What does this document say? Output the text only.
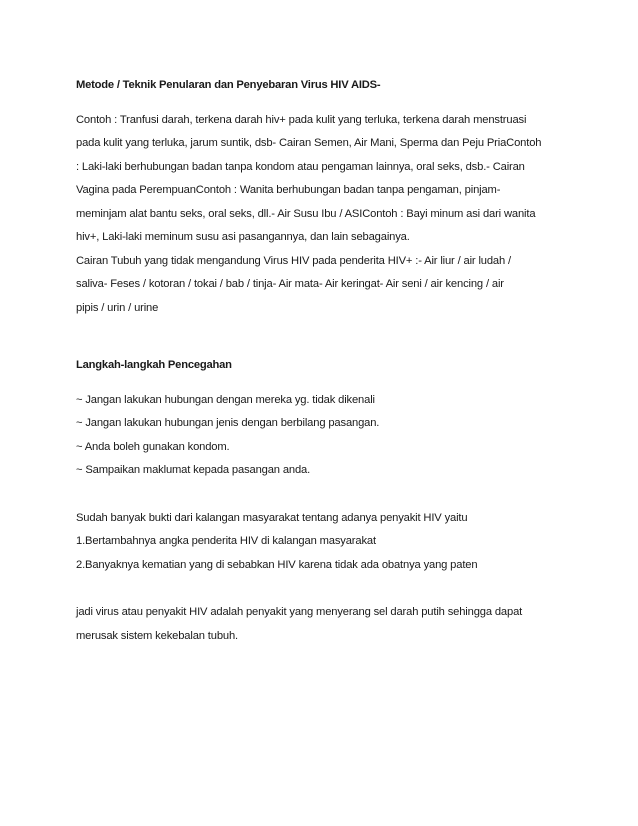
Metode / Teknik Penularan dan Penyebaran Virus HIV AIDS-
Contoh : Tranfusi darah, terkena darah hiv+ pada kulit yang terluka, terkena darah menstruasi
pada kulit yang terluka, jarum suntik, dsb- Cairan Semen, Air Mani, Sperma dan Peju PriaContoh
: Laki-laki berhubungan badan tanpa kondom atau pengaman lainnya, oral seks, dsb.- Cairan
Vagina pada PerempuanContoh : Wanita berhubungan badan tanpa pengaman, pinjam-
meminjam alat bantu seks, oral seks, dll.- Air Susu Ibu / ASIContoh : Bayi minum asi dari wanita
hiv+, Laki-laki meminum susu asi pasangannya, dan lain sebagainya.
Cairan Tubuh yang tidak mengandung Virus HIV pada penderita HIV+ :- Air liur / air ludah /
saliva- Feses / kotoran / tokai / bab / tinja- Air mata- Air keringat- Air seni / air kencing / air
pipis / urin / urine
Langkah-langkah Pencegahan
~ Jangan lakukan hubungan dengan mereka yg. tidak dikenali
~ Jangan lakukan hubungan jenis dengan berbilang pasangan.
~ Anda boleh gunakan kondom.
~ Sampaikan maklumat kepada pasangan anda.
Sudah banyak bukti dari kalangan masyarakat tentang adanya penyakit HIV yaitu
1.Bertambahnya angka penderita HIV di kalangan masyarakat
2.Banyaknya kematian yang di sebabkan HIV karena tidak ada obatnya yang paten
jadi virus atau penyakit HIV adalah penyakit yang menyerang sel darah putih sehingga dapat
merusak sistem kekebalan tubuh.
